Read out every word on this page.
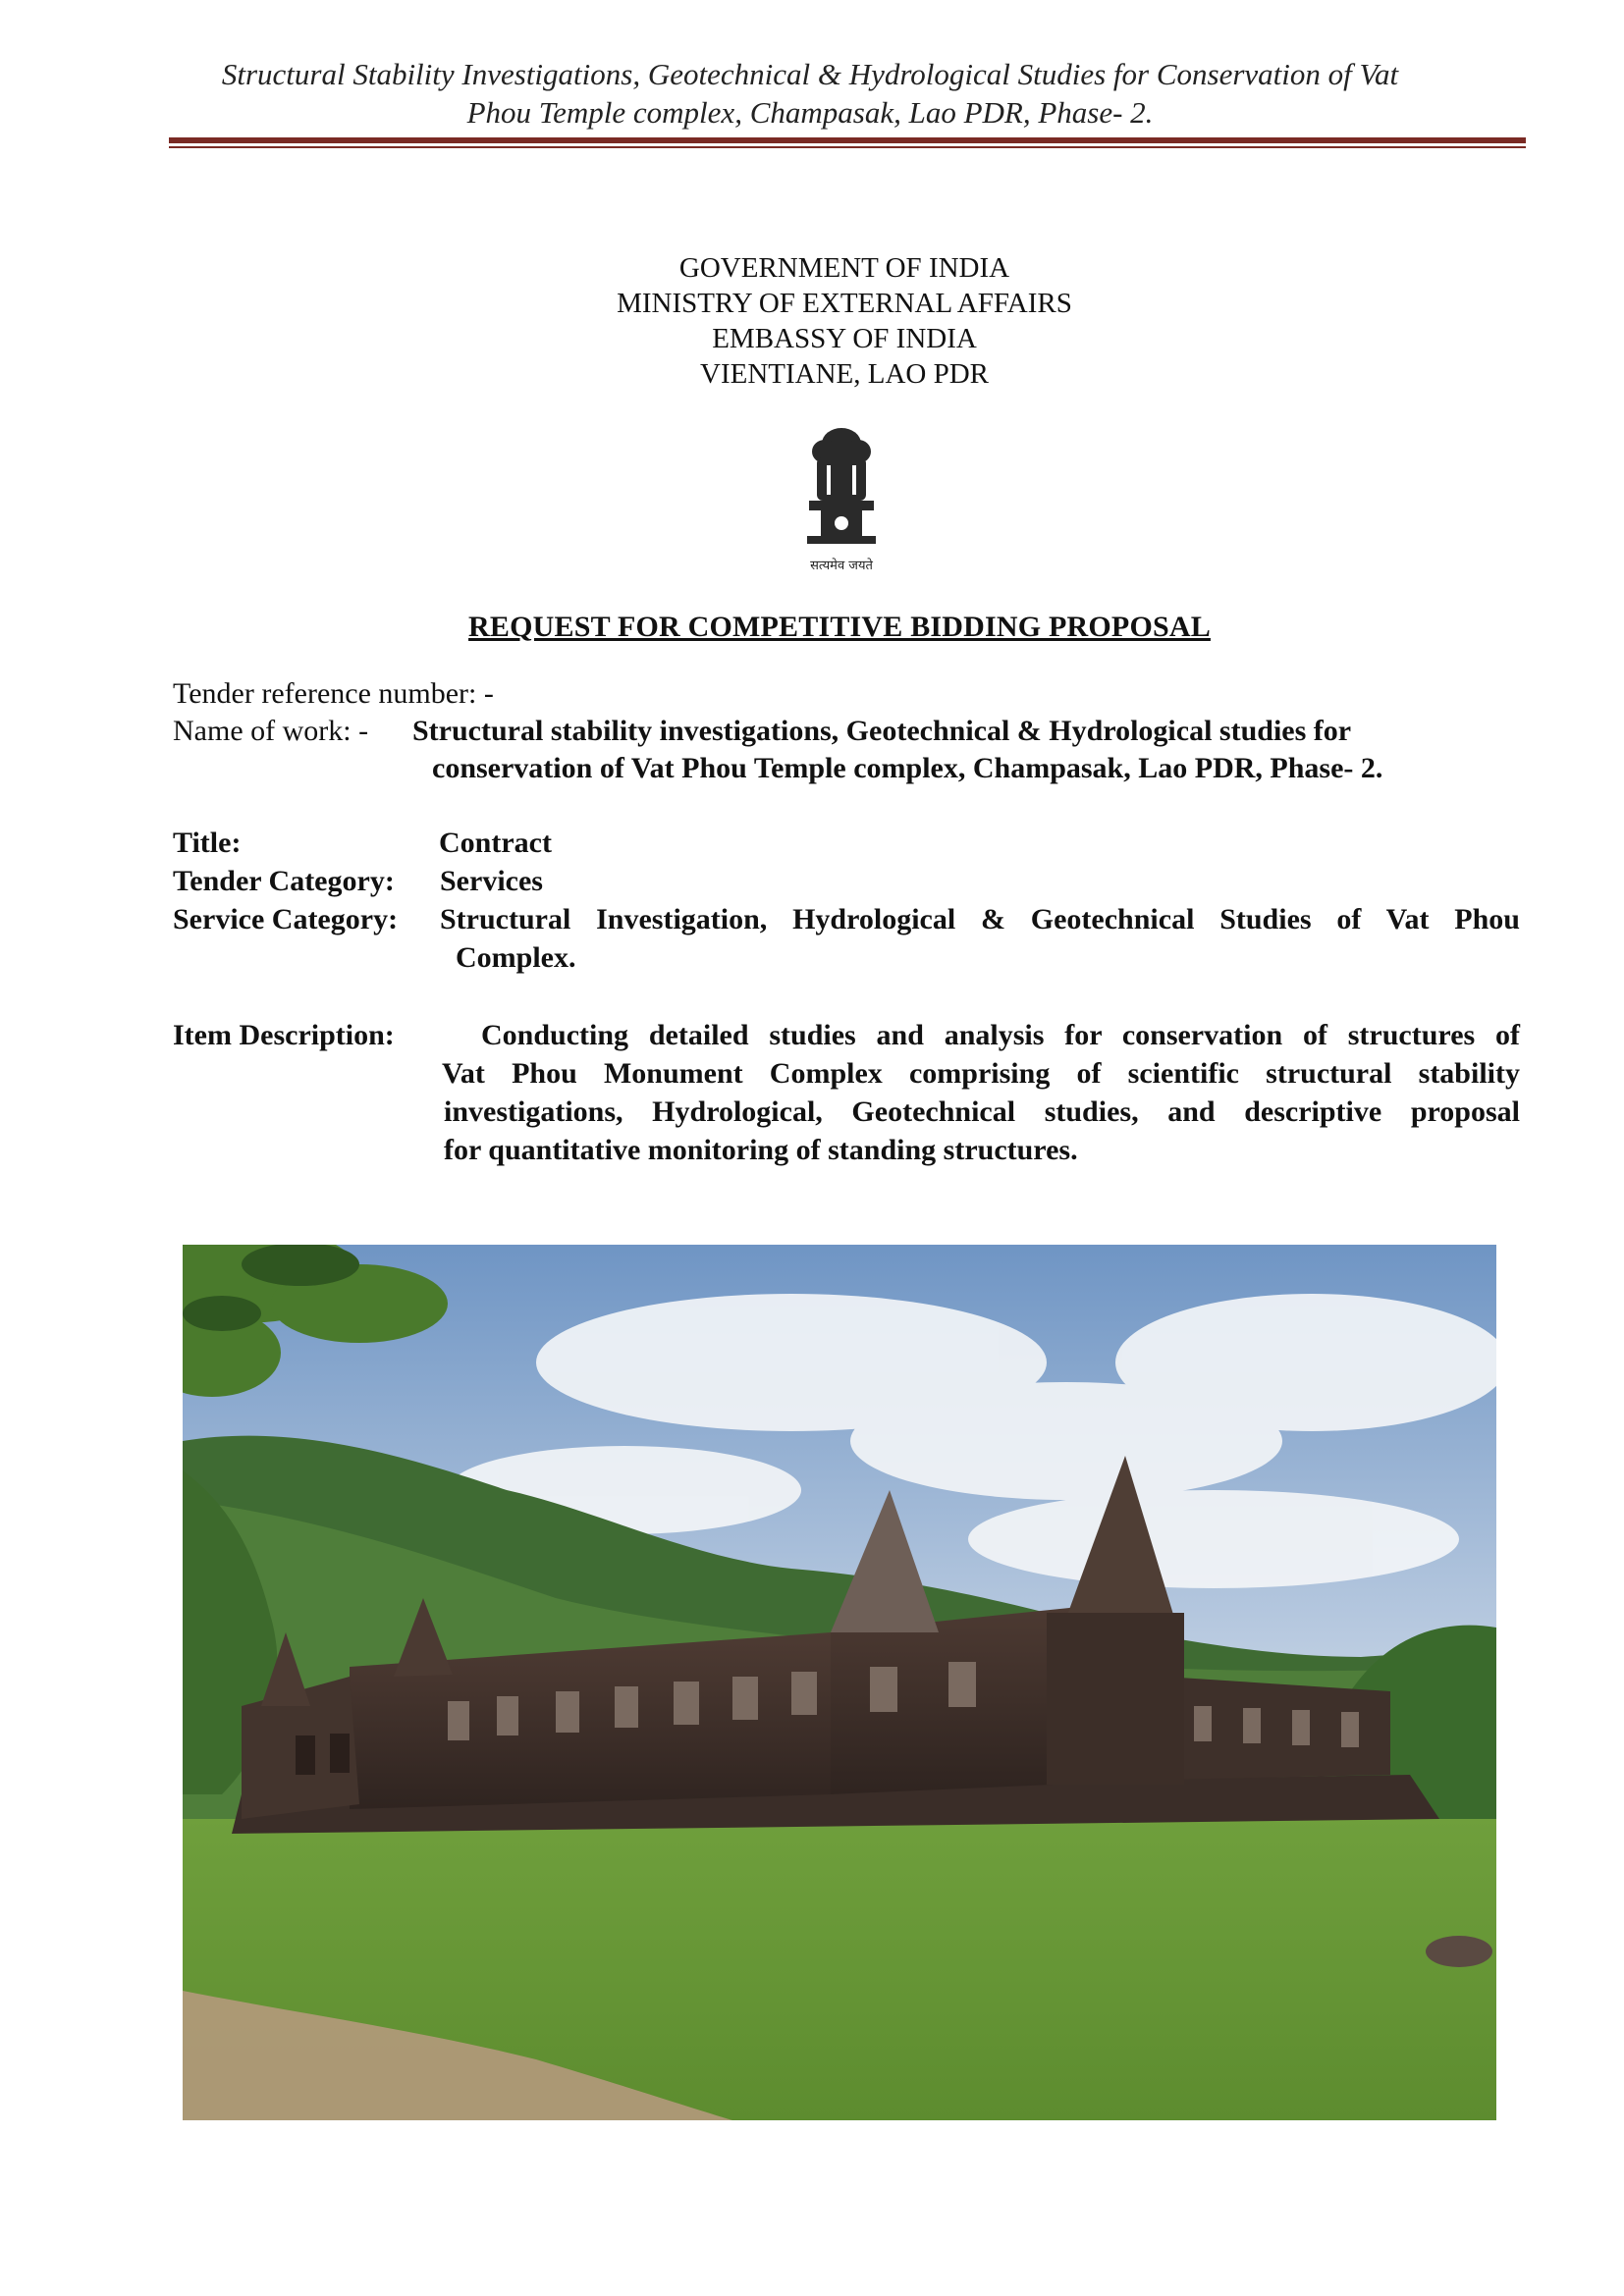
Structural Stability Investigations, Geotechnical & Hydrological Studies for Conservation of Vat
Phou Temple complex, Champasak, Lao PDR, Phase- 2.
GOVERNMENT OF INDIA
MINISTRY OF EXTERNAL AFFAIRS
EMBASSY OF INDIA
VIENTIANE, LAO PDR
सत्यमेव जयते
REQUEST FOR COMPETITIVE BIDDING PROPOSAL
Tender reference number: -
Name of work: - Structural stability investigations, Geotechnical & Hydrological studies for
conservation of Vat Phou Temple complex, Champasak, Lao PDR, Phase- 2.
Title:	Contract
Tender Category: Services
Service Category: Structural Investigation, Hydrological & Geotechnical Studies of Vat Phou
Complex.
Item Description:	Conducting detailed studies and analysis for conservation of structures of
Vat Phou Monument Complex comprising of scientific structural stability
investigations, Hydrological, Geotechnical studies, and descriptive proposal
for quantitative monitoring of standing structures.
